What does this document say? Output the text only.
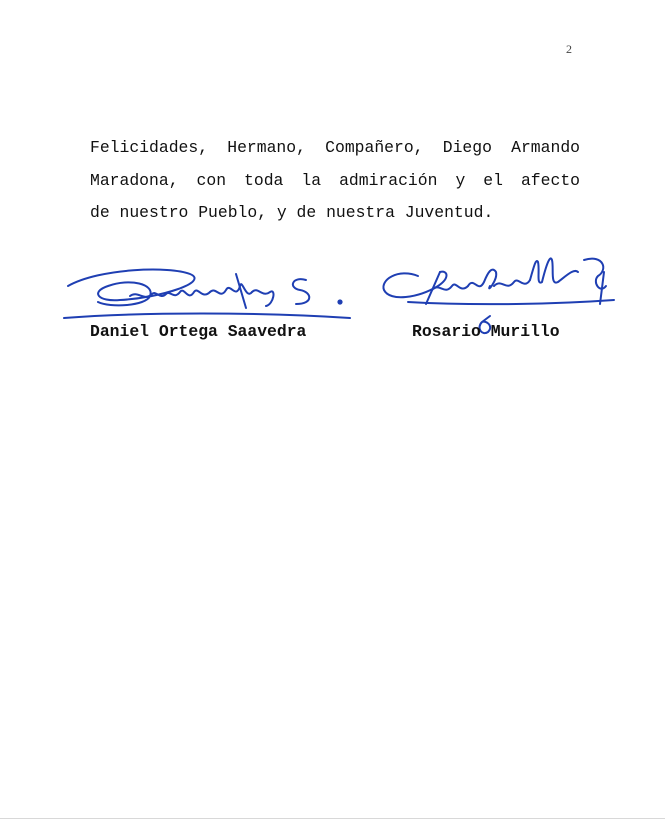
2
Felicidades, Hermano, Compañero, Diego Armando
Maradona, con toda la admiración y el afecto
de nuestro Pueblo, y de nuestra Juventud.
Daniel Ortega Saavedra	Rosario Murillo
